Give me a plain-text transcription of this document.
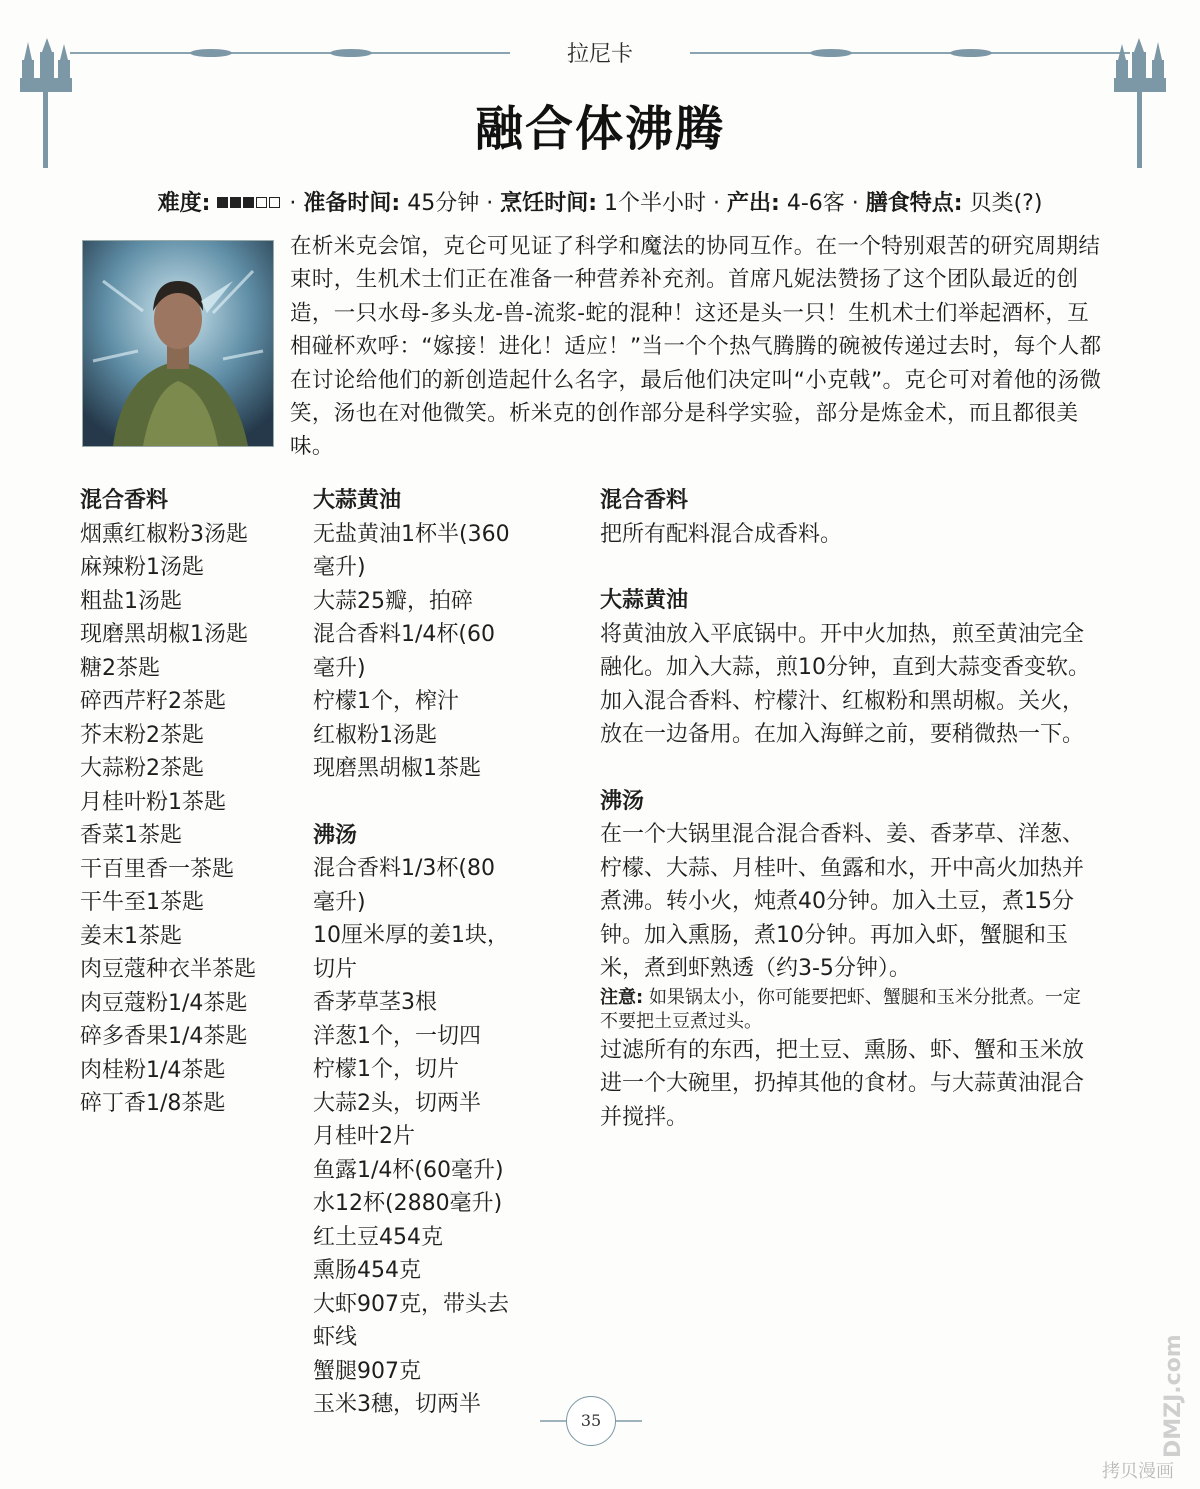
拉尼卡
融合体沸腾
难度:	· 准备时间: 45分钟 · 烹饪时间: 1个半小时 · 产出: 4-6客 · 膳食特点: 贝类(?)

在析米克会馆，克仑可见证了科学和魔法的协同互作。在一个特别艰苦的研究周期结束时，生机术士们正在准备一种营养补充剂。首席凡妮法赞扬了这个团队最近的创造，一只水母-多头龙-兽-流浆-蛇的混种！这还是头一只！生机术士们举起酒杯，互相碰杯欢呼：“嫁接！进化！适应！”当一个个热气腾腾的碗被传递过去时，每个人都在讨论给他们的新创造起什么名字，最后他们决定叫“小克戟”。克仑可对着他的汤微笑，汤也在对他微笑。析米克的创作部分是科学实验，部分是炼金术，而且都很美味。

混合香料
烟熏红椒粉3汤匙
麻辣粉1汤匙
粗盐1汤匙
现磨黑胡椒1汤匙
糖2茶匙
碎西芹籽2茶匙
芥末粉2茶匙
大蒜粉2茶匙
月桂叶粉1茶匙
香菜1茶匙
干百里香一茶匙
干牛至1茶匙
姜末1茶匙
肉豆蔻种衣半茶匙
肉豆蔻粉1/4茶匙
碎多香果1/4茶匙
肉桂粉1/4茶匙
碎丁香1/8茶匙
大蒜黄油
无盐黄油1杯半(360
毫升)
大蒜25瓣，拍碎
混合香料1/4杯(60
毫升)
柠檬1个，榨汁
红椒粉1汤匙
现磨黑胡椒1茶匙
沸汤
混合香料1/3杯(80
毫升)
10厘米厚的姜1块，
切片
香茅草茎3根
洋葱1个，一切四
柠檬1个，切片
大蒜2头，切两半
月桂叶2片
鱼露1/4杯(60毫升)
水12杯(2880毫升)
红土豆454克
熏肠454克
大虾907克，带头去
虾线
蟹腿907克
玉米3穗，切两半
混合香料

把所有配料混合成香料。

大蒜黄油

将黄油放入平底锅中。开中火加热，煎至黄油完全融化。加入大蒜，煎10分钟，直到大蒜变香变软。

加入混合香料、柠檬汁、红椒粉和黑胡椒。关火，放在一边备用。在加入海鲜之前，要稍微热一下。

沸汤

在一个大锅里混合混合香料、姜、香茅草、洋葱、柠檬、大蒜、月桂叶、鱼露和水，开中高火加热并煮沸。转小火，炖煮40分钟。加入土豆，煮15分钟。加入熏肠，煮10分钟。再加入虾，蟹腿和玉米，煮到虾熟透（约3-5分钟）。

注意: 如果锅太小，你可能要把虾、蟹腿和玉米分批煮。一定不要把土豆煮过头。

过滤所有的东西，把土豆、熏肠、虾、蟹和玉米放进一个大碗里，扔掉其他的食材。与大蒜黄油混合并搅拌。

35	DMZJ.com
拷贝漫画
